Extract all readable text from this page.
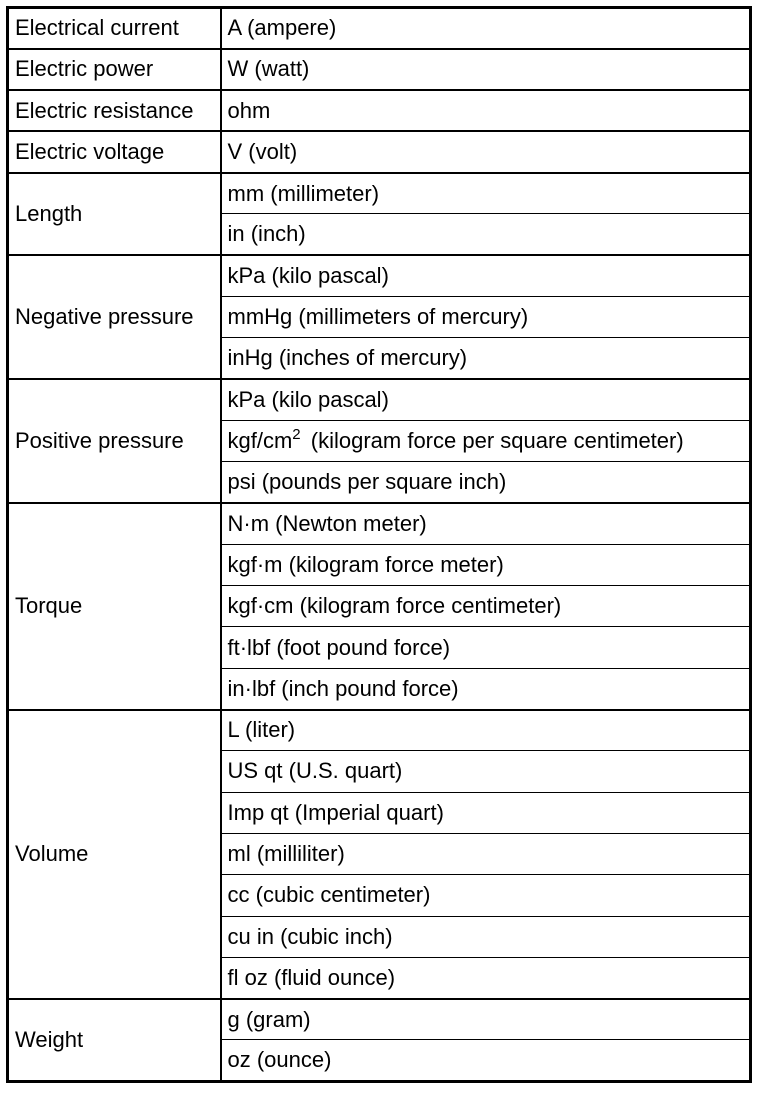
Electrical current	A (ampere)
Electric power	W (watt)
Electric resistance	ohm
Electric voltage	V (volt)
Length	mm (millimeter)
	in (inch)
Negative pressure	kPa (kilo pascal)
	mmHg (millimeters of mercury)
	inHg (inches of mercury)
Positive pressure	kPa (kilo pascal)
	kgf/$cm^2$ (kilogram force per square centimeter)
	psi (pounds per square inch)
Torque	N·m (Newton meter)
	kgf·m (kilogram force meter)
	kgf·cm (kilogram force centimeter)
	ft·lbf (foot pound force)
	in·lbf (inch pound force)
Volume	L (liter)
	US qt (U.S. quart)
	Imp qt (Imperial quart)
	ml (milliliter)
	cc (cubic centimeter)
	cu in (cubic inch)
	fl oz (fluid ounce)
Weight	g (gram)
	oz (ounce)
